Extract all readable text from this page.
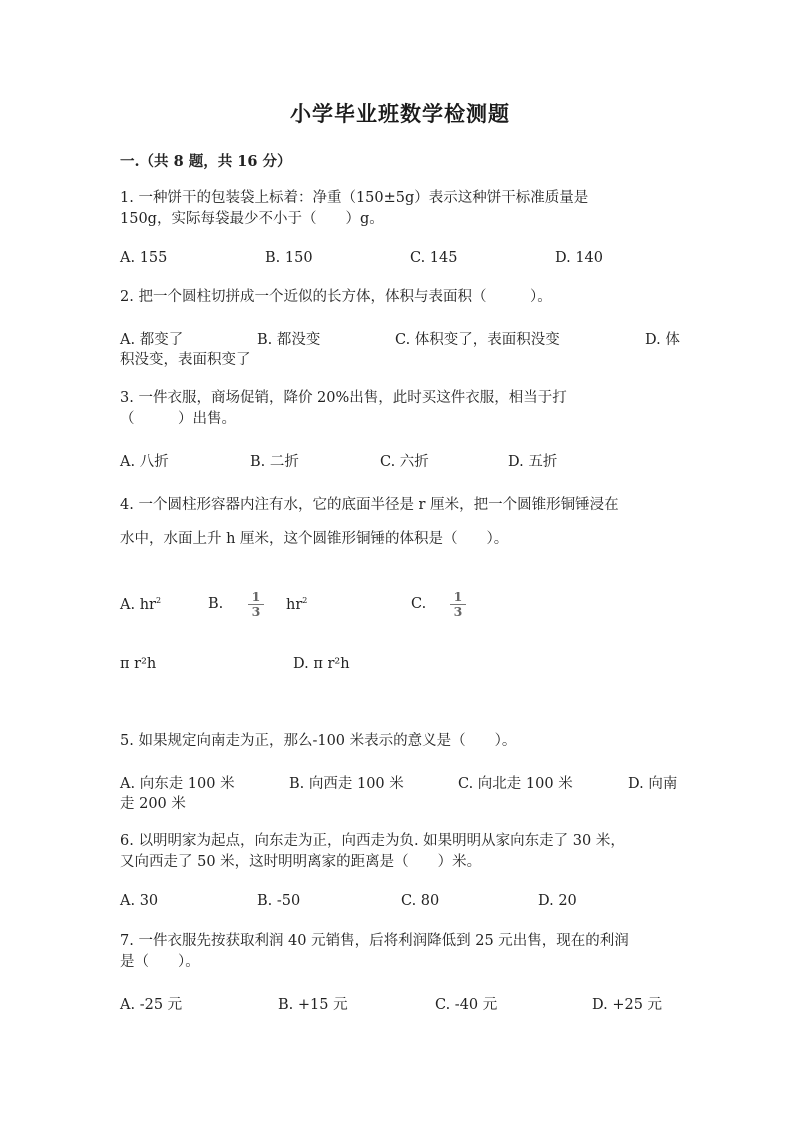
小学毕业班数学检测题
一.（共 8 题，共 16 分）
1. 一种饼干的包装袋上标着：净重（150±5g）表示这种饼干标准质量是
150g，实际每袋最少不小于（　　）g。
A. 155	B. 150	C. 145	D. 140
2. 把一个圆柱切拼成一个近似的长方体，体积与表面积（　　　）。
A. 都变了	B. 都没变	C. 体积变了，表面积没变	D. 体
积没变，表面积变了
3. 一件衣服，商场促销，降价 20%出售，此时买这件衣服，相当于打
（　　　）出售。
A. 八折	B. 二折	C. 六折	D. 五折
4. 一个圆柱形容器内注有水，它的底面半径是 r 厘米，把一个圆锥形铜锤浸在
水中，水面上升 h 厘米，这个圆锥形铜锤的体积是（　　）。
A. $hr^2$	B. $\frac{1}{3} hr^2$	C. $\frac{1}{3}$
π r²h	D. π r²h
5. 如果规定向南走为正，那么-100 米表示的意义是（　　）。
A. 向东走 100 米	B. 向西走 100 米	C. 向北走 100 米	D. 向南
走 200 米
6. 以明明家为起点，向东走为正，向西走为负. 如果明明从家向东走了 30 米，
又向西走了 50 米，这时明明离家的距离是（　　）米。
A. 30	B. -50	C. 80	D. 20
7. 一件衣服先按获取利润 40 元销售，后将利润降低到 25 元出售，现在的利润
是（　　）。
A. -25 元	B. +15 元	C. -40 元	D. +25 元
